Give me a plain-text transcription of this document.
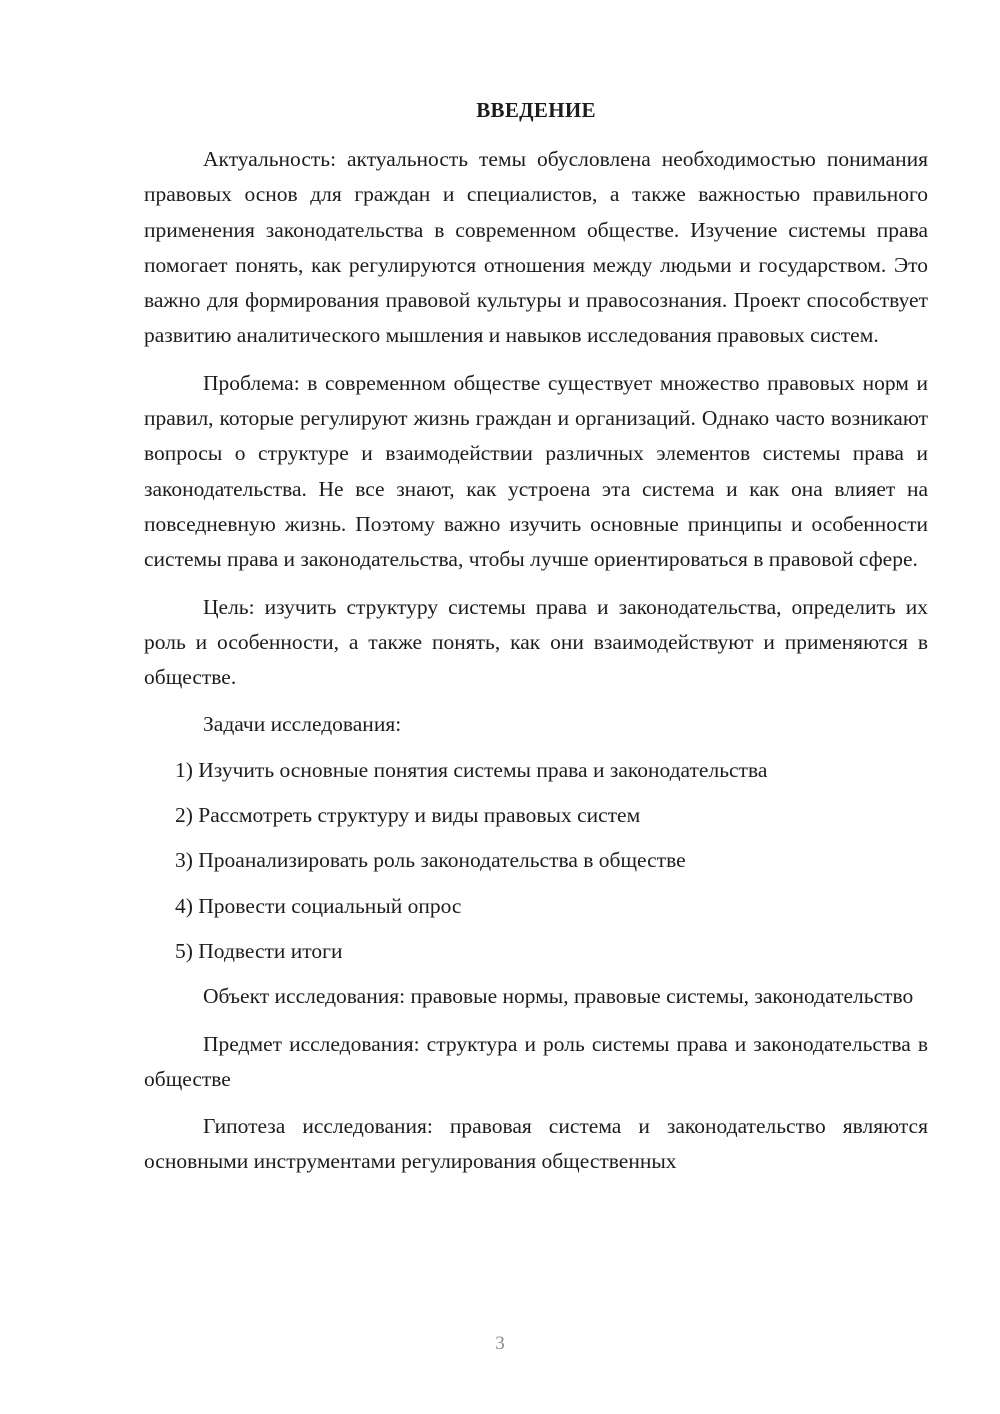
ВВЕДЕНИЕ

Актуальность: актуальность темы обусловлена необходимостью понимания правовых основ для граждан и специалистов, а также важностью правильного применения законодательства в современном обществе. Изучение системы права помогает понять, как регулируются отношения между людьми и государством. Это важно для формирования правовой культуры и правосознания. Проект способствует развитию аналитического мышления и навыков исследования правовых систем.

Проблема: в современном обществе существует множество правовых норм и правил, которые регулируют жизнь граждан и организаций. Однако часто возникают вопросы о структуре и взаимодействии различных элементов системы права и законодательства. Не все знают, как устроена эта система и как она влияет на повседневную жизнь. Поэтому важно изучить основные принципы и особенности системы права и законодательства, чтобы лучше ориентироваться в правовой сфере.

Цель: изучить структуру системы права и законодательства, определить их роль и особенности, а также понять, как они взаимодействуют и применяются в обществе.

Задачи исследования:

1) Изучить основные понятия системы права и законодательства
2) Рассмотреть структуру и виды правовых систем
3) Проанализировать роль законодательства в обществе
4) Провести социальный опрос
5) Подвести итоги

Объект исследования: правовые нормы, правовые системы, законодательство

Предмет исследования: структура и роль системы права и законодательства в обществе

Гипотеза исследования: правовая система и законодательство являются основными инструментами регулирования общественных

3
